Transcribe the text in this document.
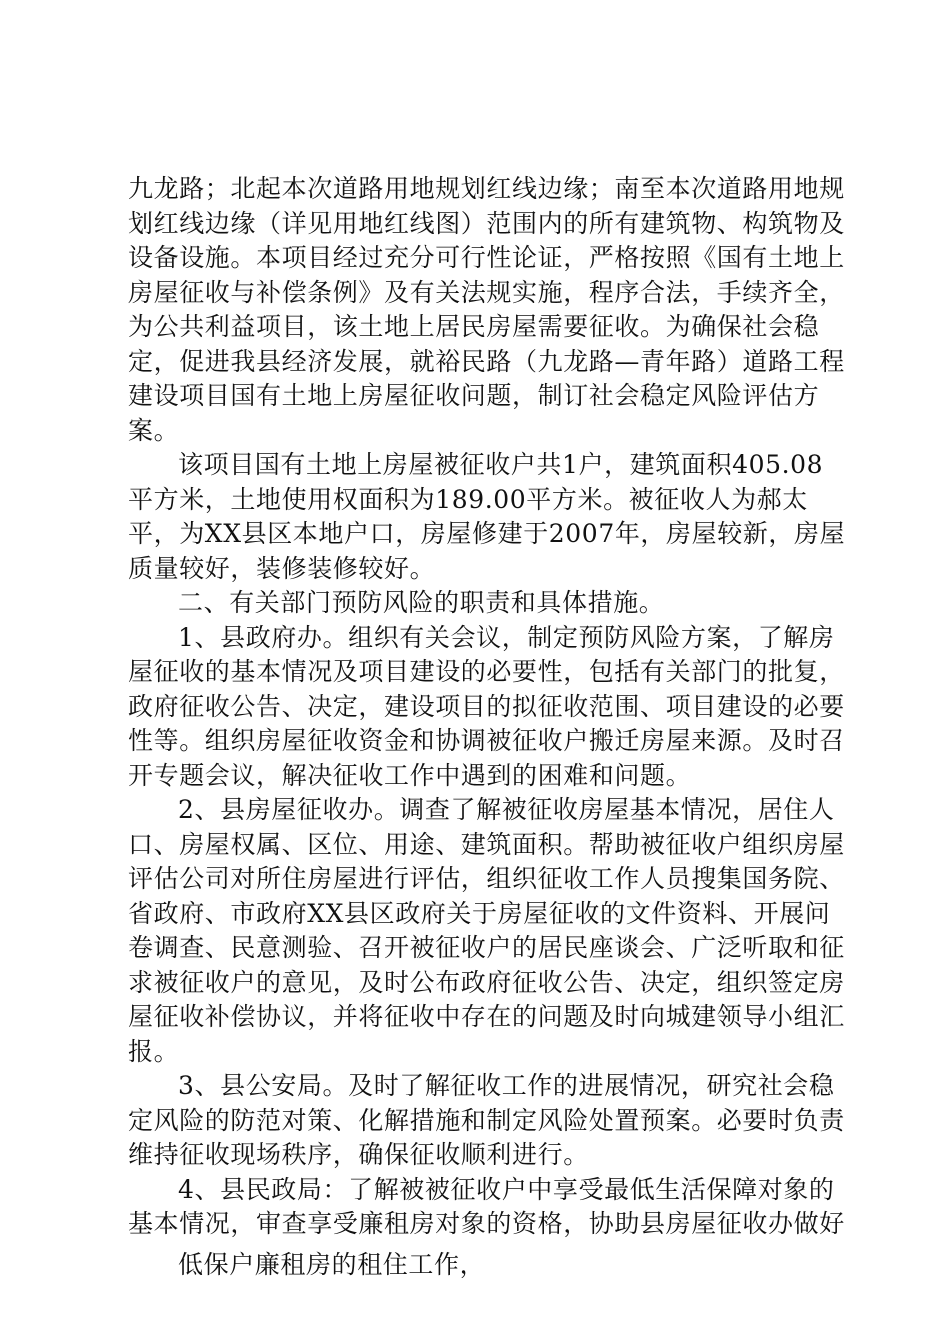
九龙路；北起本次道路用地规划红线边缘；南至本次道路用地规划红线边缘（详见用地红线图）范围内的所有建筑物、构筑物及设备设施。本项目经过充分可行性论证，严格按照《国有土地上房屋征收与补偿条例》及有关法规实施，程序合法，手续齐全，为公共利益项目，该土地上居民房屋需要征收。为确保社会稳定，促进我县经济发展，就裕民路（九龙路—青年路）道路工程建设项目国有土地上房屋征收问题，制订社会稳定风险评估方案。

该项目国有土地上房屋被征收户共1户，建筑面积405.08平方米，土地使用权面积为189.00平方米。被征收人为郝太平，为XX县区本地户口，房屋修建于2007年，房屋较新，房屋质量较好，装修装修较好。

二、有关部门预防风险的职责和具体措施。

1、县政府办。组织有关会议，制定预防风险方案，了解房屋征收的基本情况及项目建设的必要性，包括有关部门的批复，政府征收公告、决定，建设项目的拟征收范围、项目建设的必要性等。组织房屋征收资金和协调被征收户搬迁房屋来源。及时召开专题会议，解决征收工作中遇到的困难和问题。

2、县房屋征收办。调查了解被征收房屋基本情况，居住人口、房屋权属、区位、用途、建筑面积。帮助被征收户组织房屋评估公司对所住房屋进行评估，组织征收工作人员搜集国务院、省政府、市政府XX县区政府关于房屋征收的文件资料、开展问卷调查、民意测验、召开被征收户的居民座谈会、广泛听取和征求被征收户的意见，及时公布政府征收公告、决定，组织签定房屋征收补偿协议，并将征收中存在的问题及时向城建领导小组汇报。

3、县公安局。及时了解征收工作的进展情况，研究社会稳定风险的防范对策、化解措施和制定风险处置预案。必要时负责维持征收现场秩序，确保征收顺利进行。

4、县民政局：了解被被征收户中享受最低生活保障对象的基本情况，审查享受廉租房对象的资格，协助县房屋征收办做好

低保户廉租房的租住工作，
